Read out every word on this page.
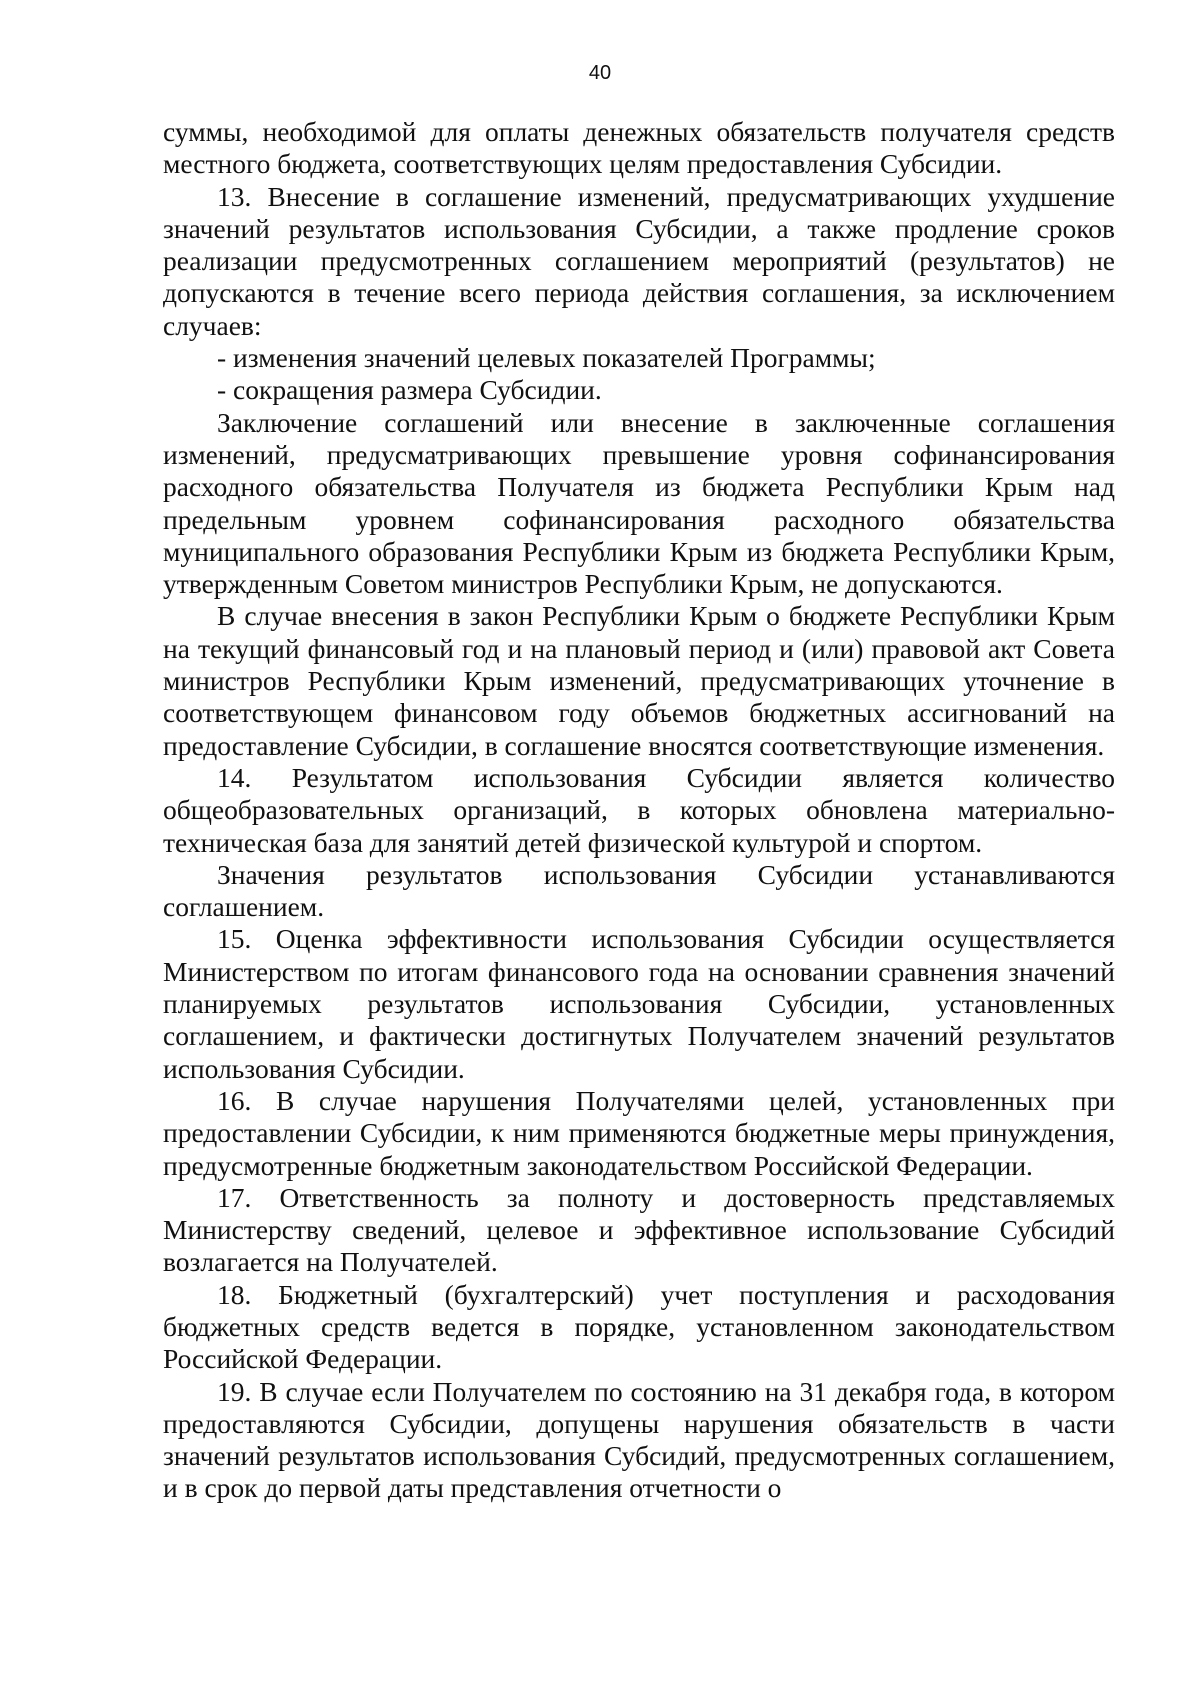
40

суммы, необходимой для оплаты денежных обязательств получателя средств местного бюджета, соответствующих целям предоставления Субсидии.

13. Внесение в соглашение изменений, предусматривающих ухудшение значений результатов использования Субсидии, а также продление сроков реализации предусмотренных соглашением мероприятий (результатов) не допускаются в течение всего периода действия соглашения, за исключением случаев:

- изменения значений целевых показателей Программы;

- сокращения размера Субсидии.

Заключение соглашений или внесение в заключенные соглашения изменений, предусматривающих превышение уровня софинансирования расходного обязательства Получателя из бюджета Республики Крым над предельным уровнем софинансирования расходного обязательства муниципального образования Республики Крым из бюджета Республики Крым, утвержденным Советом министров Республики Крым, не допускаются.

В случае внесения в закон Республики Крым о бюджете Республики Крым на текущий финансовый год и на плановый период и (или) правовой акт Совета министров Республики Крым изменений, предусматривающих уточнение в соответствующем финансовом году объемов бюджетных ассигнований на предоставление Субсидии, в соглашение вносятся соответствующие изменения.

14. Результатом использования Субсидии является количество общеобразовательных организаций, в которых обновлена материально-техническая база для занятий детей физической культурой и спортом.

Значения результатов использования Субсидии устанавливаются соглашением.

15. Оценка эффективности использования Субсидии осуществляется Министерством по итогам финансового года на основании сравнения значений планируемых результатов использования Субсидии, установленных соглашением, и фактически достигнутых Получателем значений результатов использования Субсидии.

16. В случае нарушения Получателями целей, установленных при предоставлении Субсидии, к ним применяются бюджетные меры принуждения, предусмотренные бюджетным законодательством Российской Федерации.

17. Ответственность за полноту и достоверность представляемых Министерству сведений, целевое и эффективное использование Субсидий возлагается на Получателей.

18. Бюджетный (бухгалтерский) учет поступления и расходования бюджетных средств ведется в порядке, установленном законодательством Российской Федерации.

19. В случае если Получателем по состоянию на 31 декабря года, в котором предоставляются Субсидии, допущены нарушения обязательств в части значений результатов использования Субсидий, предусмотренных соглашением, и в срок до первой даты представления отчетности о
